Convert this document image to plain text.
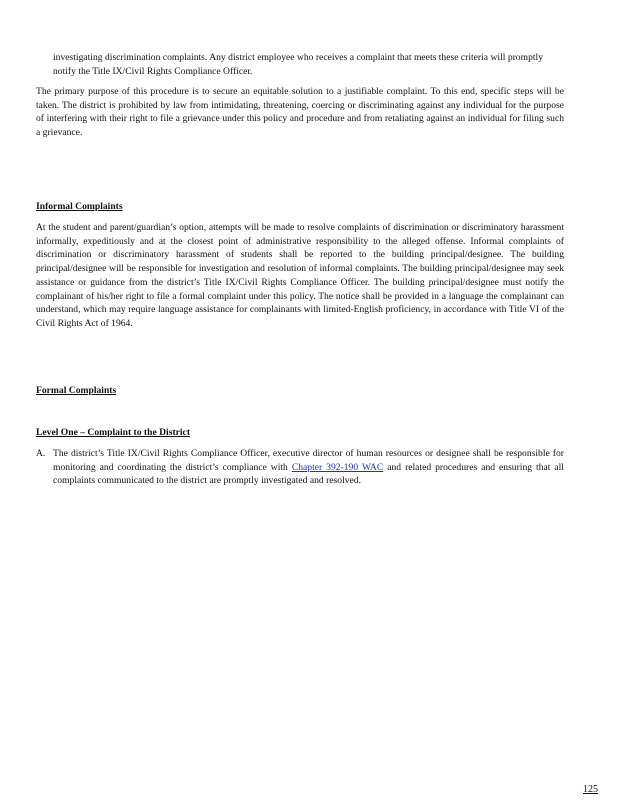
investigating discrimination complaints. Any district employee who receives a complaint that meets these criteria will promptly notify the Title IX/Civil Rights Compliance Officer.
The primary purpose of this procedure is to secure an equitable solution to a justifiable complaint. To this end, specific steps will be taken. The district is prohibited by law from intimidating, threatening, coercing or discriminating against any individual for the purpose of interfering with their right to file a grievance under this policy and procedure and from retaliating against an individual for filing such a grievance.
Informal Complaints
At the student and parent/guardian’s option, attempts will be made to resolve complaints of discrimination or discriminatory harassment informally, expeditiously and at the closest point of administrative responsibility to the alleged offense. Informal complaints of discrimination or discriminatory harassment of students shall be reported to the building principal/designee. The building principal/designee will be responsible for investigation and resolution of informal complaints. The building principal/designee may seek assistance or guidance from the district’s Title IX/Civil Rights Compliance Officer. The building principal/designee must notify the complainant of his/her right to file a formal complaint under this policy. The notice shall be provided in a language the complainant can understand, which may require language assistance for complainants with limited-English proficiency, in accordance with Title VI of the Civil Rights Act of 1964.
Formal Complaints
Level One – Complaint to the District
A. The district’s Title IX/Civil Rights Compliance Officer, executive director of human resources or designee shall be responsible for monitoring and coordinating the district’s compliance with Chapter 392-190 WAC and related procedures and ensuring that all complaints communicated to the district are promptly investigated and resolved.
125
